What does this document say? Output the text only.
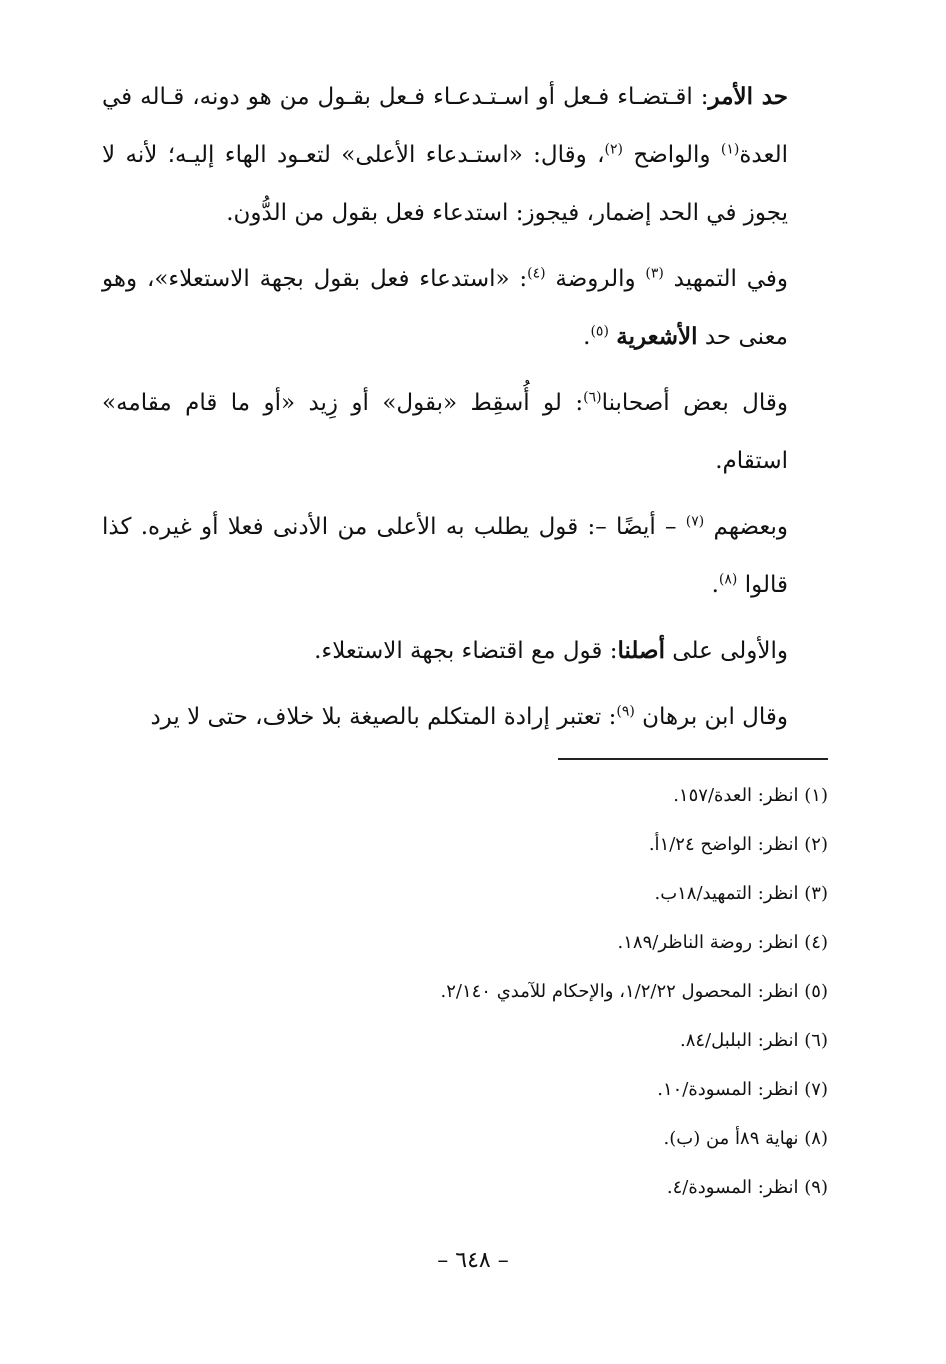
حد الأمر: اقـتضـاء فـعل أو اسـتـدعـاء فـعل بقـول من هو دونه، قـاله في العدة$^{(١)}$ والواضح $^{(٢)}$، وقال: «استـدعاء الأعلى» لتعـود الهاء إليـه؛ لأنه لا يجوز في الحد إضمار، فيجوز: استدعاء فعل بقول من الدُّون.

وفي التمهيد $^{(٣)}$ والروضة $^{(٤)}$: «استدعاء فعل بقول بجهة الاستعلاء»، وهو معنى حد الأشعرية $^{(٥)}$.

وقال بعض أصحابنا$^{(٦)}$: لو أُسقِط «بقول» أو زِيد «أو ما قام مقامه» استقام.

وبعضهم $^{(٧)}$ – أيضًا –: قول يطلب به الأعلى من الأدنى فعلا أو غيره. كذا قالوا $^{(٨)}$.

والأولى على أصلنا: قول مع اقتضاء بجهة الاستعلاء.

وقال ابن برهان $^{(٩)}$: تعتبر إرادة المتكلم بالصيغة بلا خلاف، حتى لا يرد

(١) انظر: العدة/١٥٧.
(٢) انظر: الواضح ١/٢٤أ.
(٣) انظر: التمهيد/١٨ب.
(٤) انظر: روضة الناظر/١٨٩.
(٥) انظر: المحصول ١/٢/٢٢، والإحكام للآمدي ٢/١٤٠.
(٦) انظر: البلبل/٨٤.
(٧) انظر: المسودة/١٠.
(٨) نهاية ٨٩أ من (ب).
(٩) انظر: المسودة/٤.
– ٦٤٨ –
